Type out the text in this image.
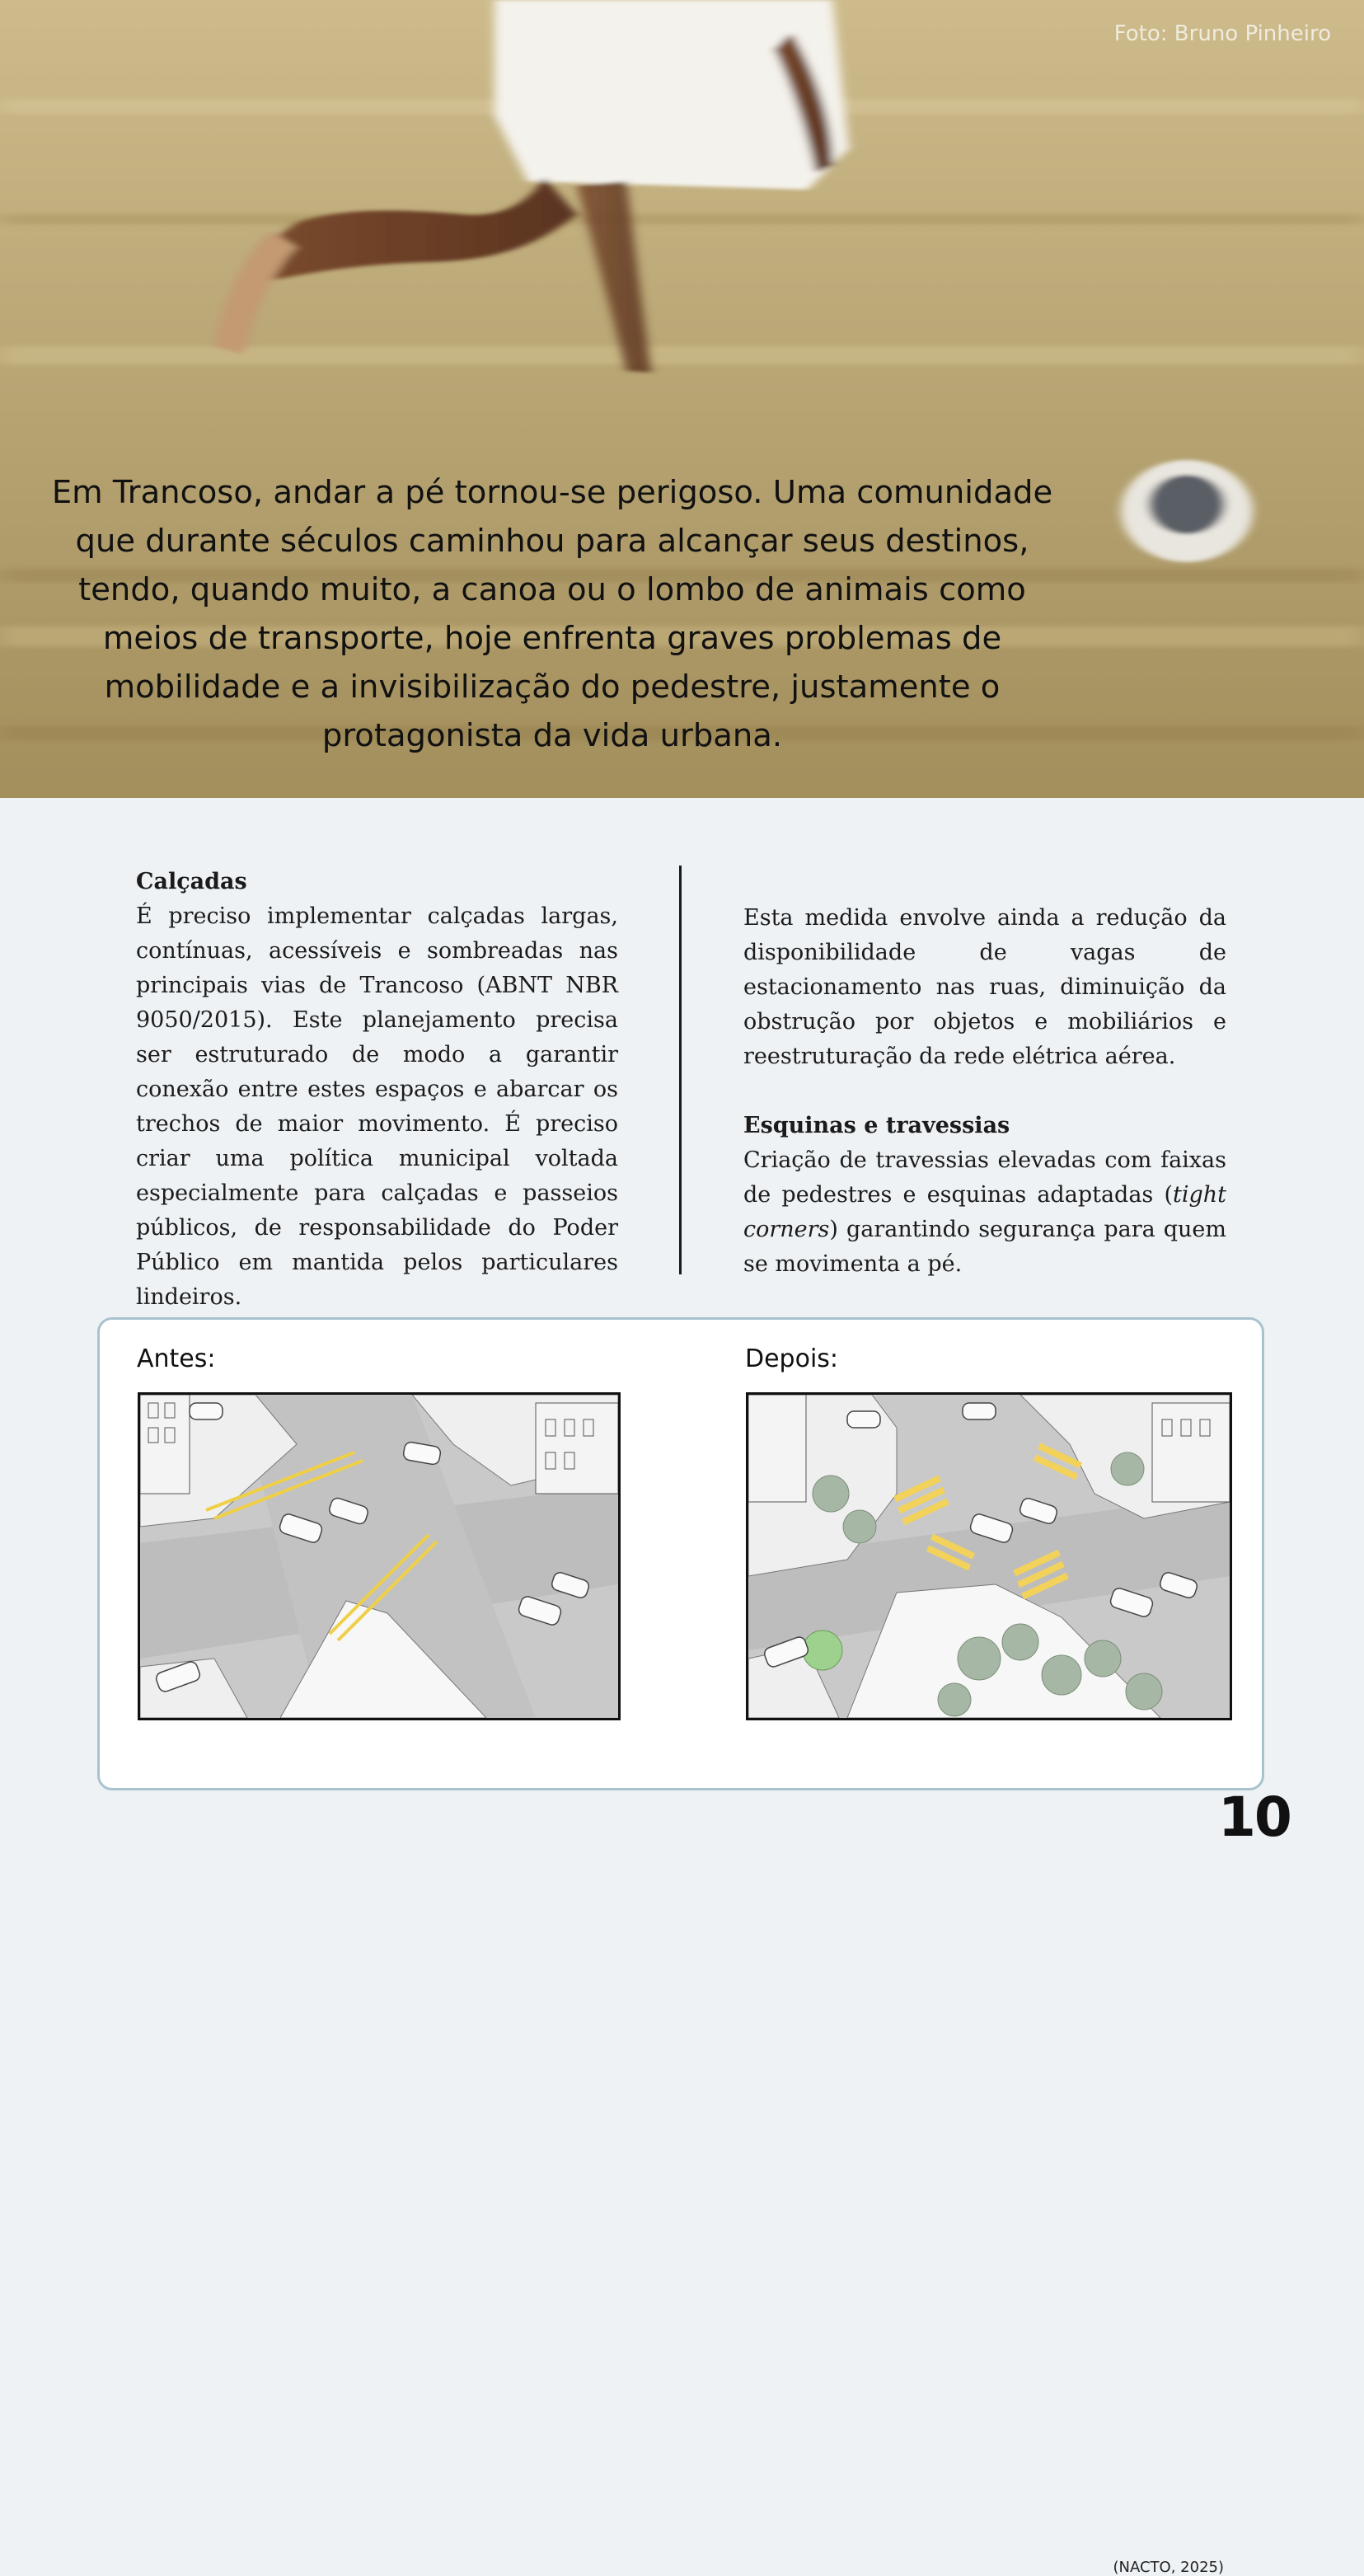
Foto: Bruno Pinheiro
Em Trancoso, andar a pé tornou-se perigoso. Uma comunidade que durante séculos caminhou para alcançar seus destinos, tendo, quando muito, a canoa ou o lombo de animais como meios de transporte, hoje enfrenta graves problemas de mobilidade e a invisibilização do pedestre, justamente o protagonista da vida urbana.
Calçadas

É preciso implementar calçadas largas, contínuas, acessíveis e sombreadas nas principais vias de Trancoso (ABNT NBR 9050/2015). Este planejamento precisa ser estruturado de modo a garantir conexão entre estes espaços e abarcar os trechos de maior movimento. É preciso criar uma política municipal voltada especialmente para calçadas e passeios públicos, de responsabilidade do Poder Público em mantida pelos particulares lindeiros.

Esta medida envolve ainda a redução da disponibilidade de vagas de estacionamento nas ruas, diminuição da obstrução por objetos e mobiliários e reestruturação da rede elétrica aérea.

Esquinas e travessias

Criação de travessias elevadas com faixas de pedestres e esquinas adaptadas (tight corners) garantindo segurança para quem se movimenta a pé.

Antes:	Depois:
(NACTO, 2025)
10
